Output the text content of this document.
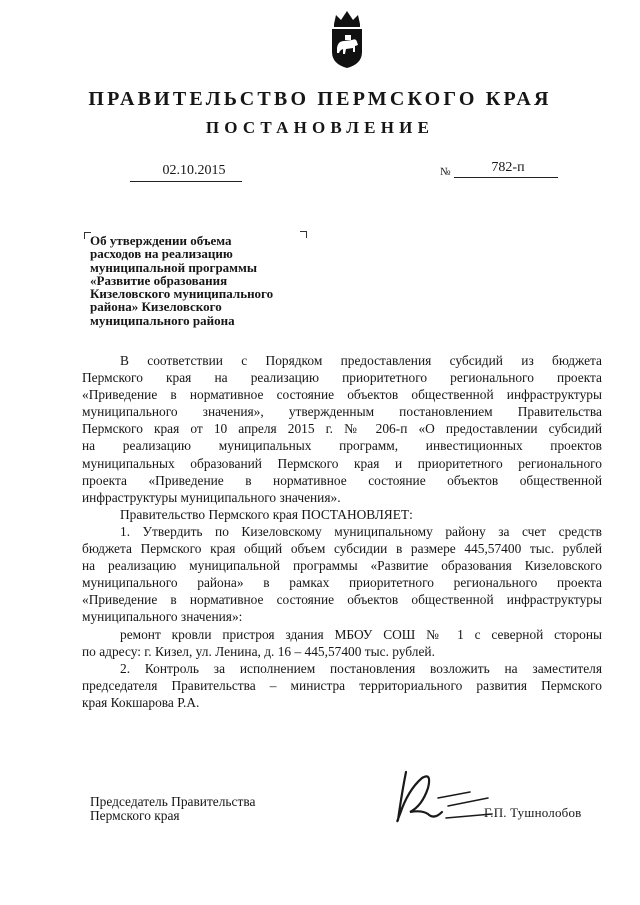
ПРАВИТЕЛЬСТВО ПЕРМСКОГО КРАЯ
ПОСТАНОВЛЕНИЕ
02.10.2015	№	782-п
Об утверждении объема
расходов на реализацию
муниципальной программы
«Развитие образования
Кизеловского муниципального
района» Кизеловского
муниципального района
В соответствии с Порядком предоставления субсидий из бюджета
Пермского края на реализацию приоритетного регионального проекта
«Приведение в нормативное состояние объектов общественной инфраструктуры
муниципального значения», утвержденным постановлением Правительства
Пермского края от 10 апреля 2015 г. № 206-п «О предоставлении субсидий
на реализацию муниципальных программ, инвестиционных проектов
муниципальных образований Пермского края и приоритетного регионального
проекта «Приведение в нормативное состояние объектов общественной
инфраструктуры муниципального значения».
Правительство Пермского края ПОСТАНОВЛЯЕТ:
1. Утвердить по Кизеловскому муниципальному району за счет средств
бюджета Пермского края общий объем субсидии в размере 445,57400 тыс. рублей
на реализацию муниципальной программы «Развитие образования Кизеловского
муниципального района» в рамках приоритетного регионального проекта
«Приведение в нормативное состояние объектов общественной инфраструктуры
муниципального значения»:
ремонт кровли пристроя здания МБОУ СОШ № 1 с северной стороны
по адресу: г. Кизел, ул. Ленина, д. 16 – 445,57400 тыс. рублей.
2. Контроль за исполнением постановления возложить на заместителя
председателя Правительства – министра территориального развития Пермского
края Кокшарова Р.А.
Председатель Правительства
Пермского края	Г.П. Тушнолобов
